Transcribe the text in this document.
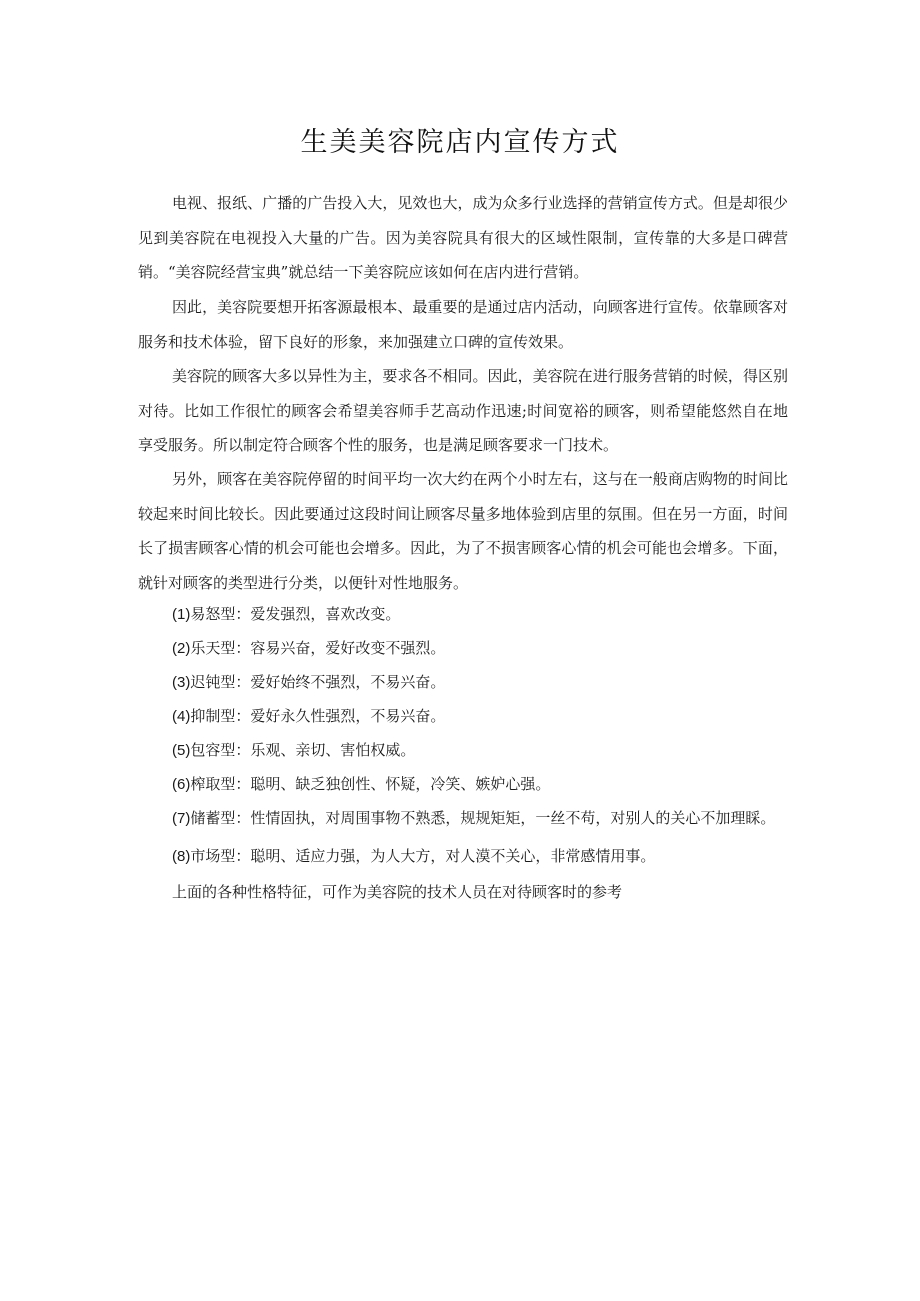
生美美容院店内宣传方式
电视、报纸、广播的广告投入大，见效也大，成为众多行业选择的营销宣传方式。但是却很少见到美容院在电视投入大量的广告。因为美容院具有很大的区域性限制，宣传靠的大多是口碑营销。“美容院经营宝典”就总结一下美容院应该如何在店内进行营销。
因此，美容院要想开拓客源最根本、最重要的是通过店内活动，向顾客进行宣传。依靠顾客对服务和技术体验，留下良好的形象，来加强建立口碑的宣传效果。
美容院的顾客大多以异性为主，要求各不相同。因此，美容院在进行服务营销的时候，得区别对待。比如工作很忙的顾客会希望美容师手艺高动作迅速;时间宽裕的顾客，则希望能悠然自在地享受服务。所以制定符合顾客个性的服务，也是满足顾客要求一门技术。
另外，顾客在美容院停留的时间平均一次大约在两个小时左右，这与在一般商店购物的时间比较起来时间比较长。因此要通过这段时间让顾客尽量多地体验到店里的氛围。但在另一方面，时间长了损害顾客心情的机会可能也会增多。因此，为了不损害顾客心情的机会可能也会增多。下面，就针对顾客的类型进行分类，以便针对性地服务。
(1)易怒型：爱发强烈，喜欢改变。
(2)乐天型：容易兴奋，爱好改变不强烈。
(3)迟钝型：爱好始终不强烈，不易兴奋。
(4)抑制型：爱好永久性强烈，不易兴奋。
(5)包容型：乐观、亲切、害怕权威。
(6)榨取型：聪明、缺乏独创性、怀疑，冷笑、嫉妒心强。
(7)储蓄型：性情固执，对周围事物不熟悉，规规矩矩，一丝不苟，对别人的关心不加理睬。
(8)市场型：聪明、适应力强，为人大方，对人漠不关心，非常感情用事。
上面的各种性格特征，可作为美容院的技术人员在对待顾客时的参考
